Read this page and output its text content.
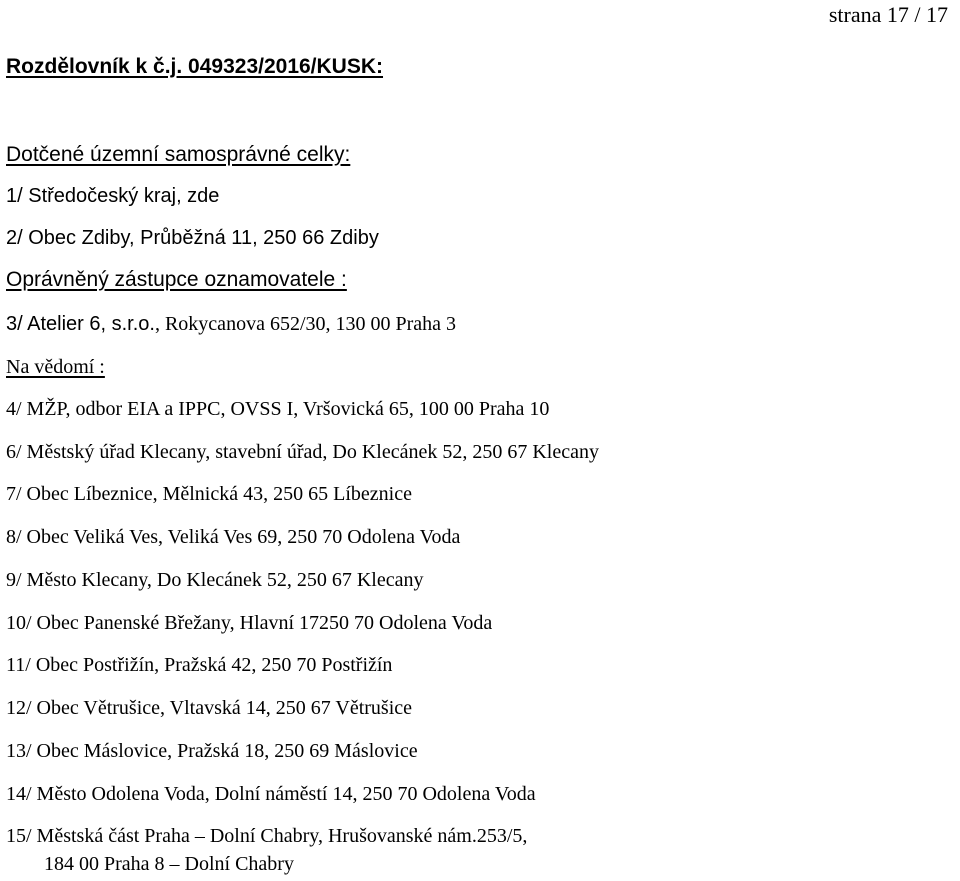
strana 17 / 17
Rozdělovník k č.j. 049323/2016/KUSK:
Dotčené územní samosprávné celky:
1/ Středočeský kraj, zde
2/ Obec Zdiby, Průběžná 11, 250 66 Zdiby
Oprávněný zástupce oznamovatele :
3/ Atelier 6, s.r.o., Rokycanova 652/30, 130 00 Praha 3
Na vědomí :
4/ MŽP, odbor EIA a IPPC, OVSS I, Vršovická 65, 100 00 Praha 10
6/ Městský úřad Klecany, stavební úřad, Do Klecánek 52, 250 67 Klecany
7/ Obec Líbeznice, Mělnická 43, 250 65 Líbeznice
8/ Obec Veliká Ves, Veliká Ves 69, 250 70 Odolena Voda
9/ Město Klecany, Do Klecánek 52, 250 67 Klecany
10/ Obec Panenské Břežany, Hlavní 17250 70 Odolena Voda
11/ Obec Postřižín, Pražská 42, 250 70 Postřižín
12/ Obec Větrušice, Vltavská 14, 250 67 Větrušice
13/ Obec Máslovice, Pražská 18, 250 69 Máslovice
14/ Město Odolena Voda, Dolní náměstí 14, 250 70 Odolena Voda
15/ Městská část Praha – Dolní Chabry, Hrušovanské nám.253/5,
184 00 Praha 8 – Dolní Chabry
